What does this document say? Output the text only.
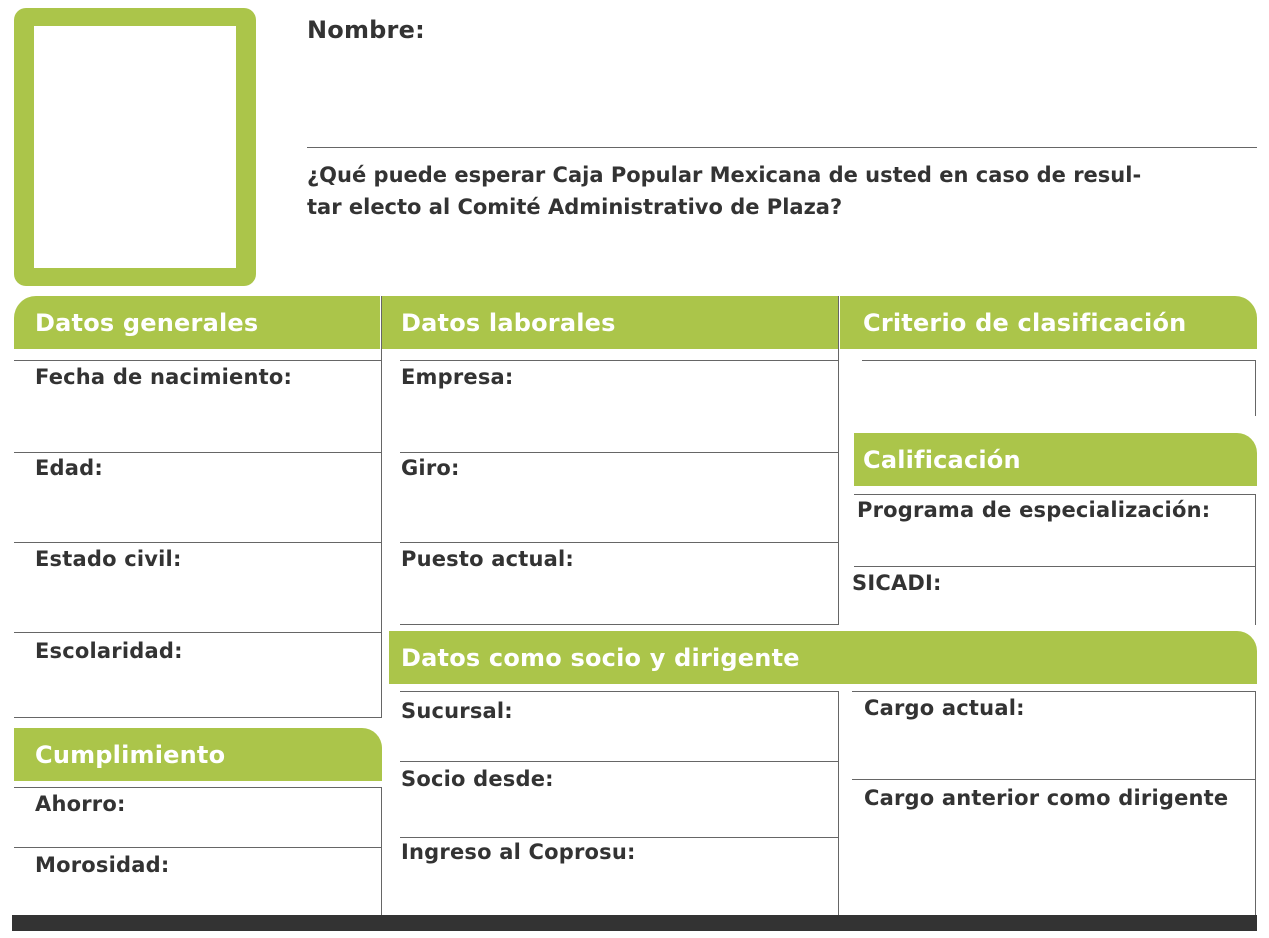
Nombre:
¿Qué puede esperar Caja Popular Mexicana de usted en caso de resul-
tar electo al Comité Administrativo de Plaza?
Datos generales	Datos laborales	Criterio de clasificación
Calificación
Datos como socio y dirigente
Cumplimiento
Fecha de nacimiento:
Edad:
Estado civil:
Escolaridad:
Ahorro:
Morosidad:
Empresa:
Giro:
Puesto actual:
Programa de especialización:
SICADI:
Sucursal:
Socio desde:
Ingreso al Coprosu:
Cargo actual:
Cargo anterior como dirigente
